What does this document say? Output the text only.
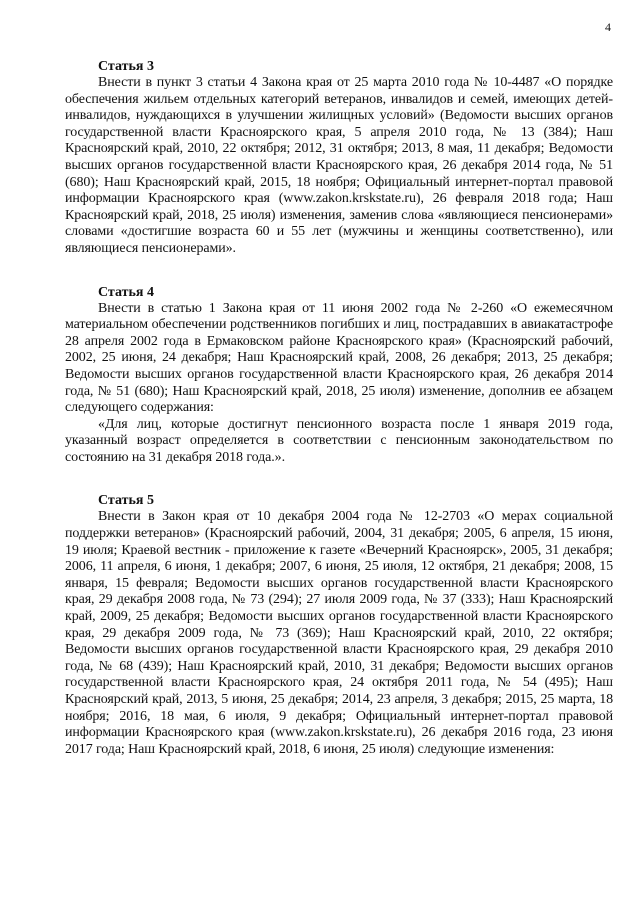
4
Статья 3

Внести в пункт 3 статьи 4 Закона края от 25 марта 2010 года № 10-4487 «О порядке обеспечения жильем отдельных категорий ветеранов, инвалидов и семей, имеющих детей-инвалидов, нуждающихся в улучшении жилищных условий» (Ведомости высших органов государственной власти Красноярского края, 5 апреля 2010 года, № 13 (384); Наш Красноярский край, 2010, 22 октября; 2012, 31 октября; 2013, 8 мая, 11 декабря; Ведомости высших органов государственной власти Красноярского края, 26 декабря 2014 года, № 51 (680); Наш Красноярский край, 2015, 18 ноября; Официальный интернет-портал правовой информации Красноярского края (www.zakon.krskstate.ru), 26 февраля 2018 года; Наш Красноярский край, 2018, 25 июля) изменения, заменив слова «являющиеся пенсионерами» словами «достигшие возраста 60 и 55 лет (мужчины и женщины соответственно), или являющиеся пенсионерами».

Статья 4

Внести в статью 1 Закона края от 11 июня 2002 года № 2-260 «О ежемесячном материальном обеспечении родственников погибших и лиц, пострадавших в авиакатастрофе 28 апреля 2002 года в Ермаковском районе Красноярского края» (Красноярский рабочий, 2002, 25 июня, 24 декабря; Наш Красноярский край, 2008, 26 декабря; 2013, 25 декабря; Ведомости высших органов государственной власти Красноярского края, 26 декабря 2014 года, № 51 (680); Наш Красноярский край, 2018, 25 июля) изменение, дополнив ее абзацем следующего содержания:

«Для лиц, которые достигнут пенсионного возраста после 1 января 2019 года, указанный возраст определяется в соответствии с пенсионным законодательством по состоянию на 31 декабря 2018 года.».

Статья 5

Внести в Закон края от 10 декабря 2004 года № 12-2703 «О мерах социальной поддержки ветеранов» (Красноярский рабочий, 2004, 31 декабря; 2005, 6 апреля, 15 июня, 19 июля; Краевой вестник - приложение к газете «Вечерний Красноярск», 2005, 31 декабря; 2006, 11 апреля, 6 июня, 1 декабря; 2007, 6 июня, 25 июля, 12 октября, 21 декабря; 2008, 15 января, 15 февраля; Ведомости высших органов государственной власти Красноярского края, 29 декабря 2008 года, № 73 (294); 27 июля 2009 года, № 37 (333); Наш Красноярский край, 2009, 25 декабря; Ведомости высших органов государственной власти Красноярского края, 29 декабря 2009 года, № 73 (369); Наш Красноярский край, 2010, 22 октября; Ведомости высших органов государственной власти Красноярского края, 29 декабря 2010 года, № 68 (439); Наш Красноярский край, 2010, 31 декабря; Ведомости высших органов государственной власти Красноярского края, 24 октября 2011 года, № 54 (495); Наш Красноярский край, 2013, 5 июня, 25 декабря; 2014, 23 апреля, 3 декабря; 2015, 25 марта, 18 ноября; 2016, 18 мая, 6 июля, 9 декабря; Официальный интернет-портал правовой информации Красноярского края (www.zakon.krskstate.ru), 26 декабря 2016 года, 23 июня 2017 года; Наш Красноярский край, 2018, 6 июня, 25 июля) следующие изменения:
